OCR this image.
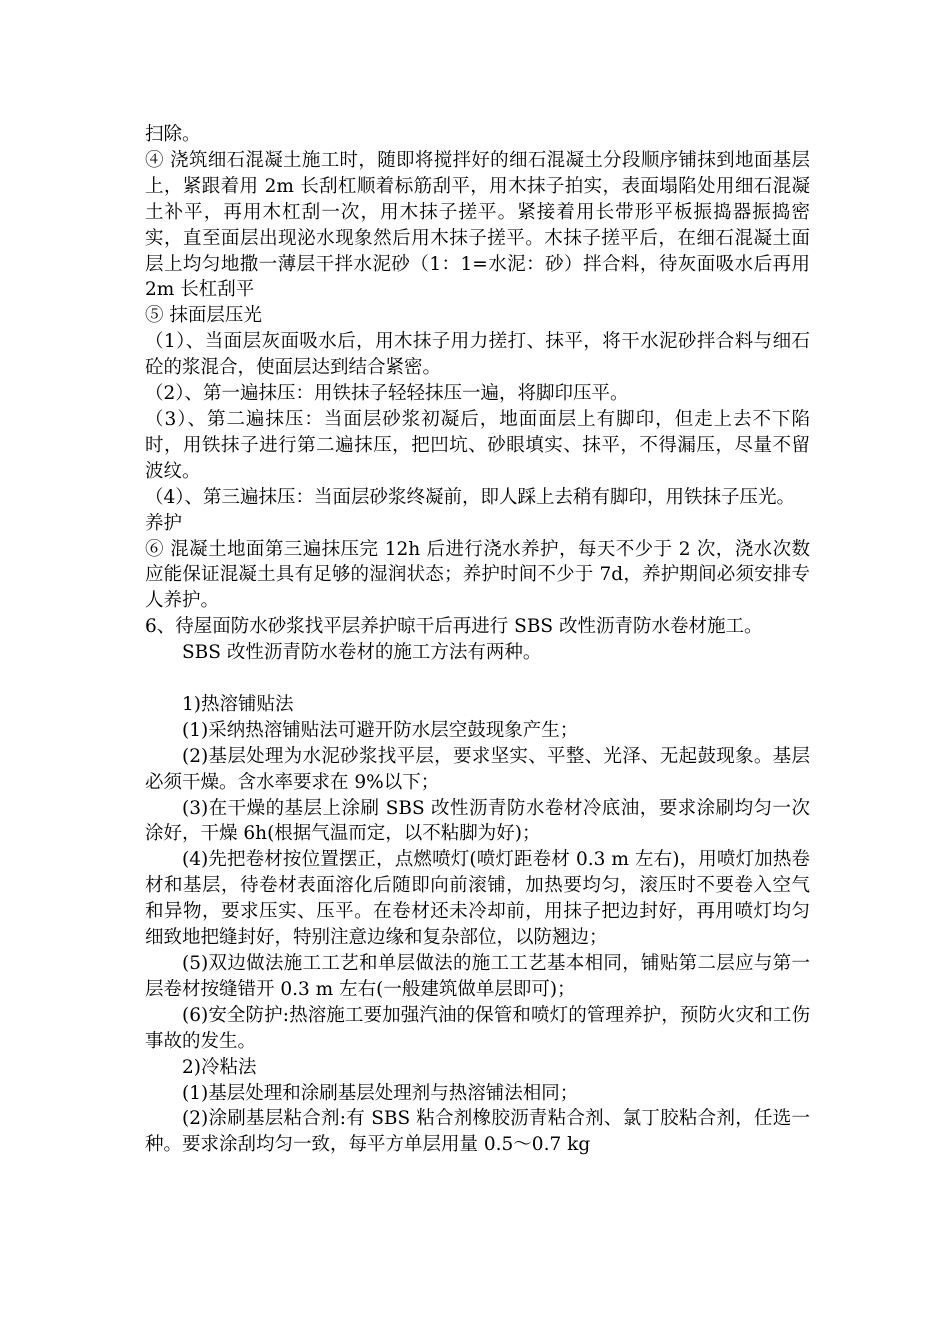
扫除。

④ 浇筑细石混凝土施工时，随即将搅拌好的细石混凝土分段顺序铺抹到地面基层上，紧跟着用 2m 长刮杠顺着标筋刮平，用木抹子拍实，表面塌陷处用细石混凝土补平，再用木杠刮一次，用木抹子搓平。紧接着用长带形平板振捣器振捣密实，直至面层出现泌水现象然后用木抹子搓平。木抹子搓平后，在细石混凝土面层上均匀地撒一薄层干拌水泥砂（1：1=水泥：砂）拌合料，待灰面吸水后再用 2m 长杠刮平

⑤ 抹面层压光

（1）、当面层灰面吸水后，用木抹子用力搓打、抹平，将干水泥砂拌合料与细石砼的浆混合，使面层达到结合紧密。

（2）、第一遍抹压：用铁抹子轻轻抹压一遍，将脚印压平。

（3）、第二遍抹压：当面层砂浆初凝后，地面面层上有脚印，但走上去不下陷时，用铁抹子进行第二遍抹压，把凹坑、砂眼填实、抹平，不得漏压，尽量不留波纹。

（4）、第三遍抹压：当面层砂浆终凝前，即人踩上去稍有脚印，用铁抹子压光。

养护

⑥ 混凝土地面第三遍抹压完 12h 后进行浇水养护，每天不少于 2 次，浇水次数应能保证混凝土具有足够的湿润状态；养护时间不少于 7d，养护期间必须安排专人养护。

6、待屋面防水砂浆找平层养护晾干后再进行 SBS 改性沥青防水卷材施工。

SBS 改性沥青防水卷材的施工方法有两种。

1)热溶铺贴法

(1)采纳热溶铺贴法可避开防水层空鼓现象产生；

(2)基层处理为水泥砂浆找平层，要求坚实、平整、光泽、无起鼓现象。基层必须干燥。含水率要求在 9%以下；

(3)在干燥的基层上涂刷 SBS 改性沥青防水卷材冷底油，要求涂刷均匀一次涂好，干燥 6h(根据气温而定，以不粘脚为好)；

(4)先把卷材按位置摆正，点燃喷灯(喷灯距卷材 0.3 m 左右)，用喷灯加热卷材和基层，待卷材表面溶化后随即向前滚铺，加热要均匀，滚压时不要卷入空气和异物，要求压实、压平。在卷材还未冷却前，用抹子把边封好，再用喷灯均匀细致地把缝封好，特别注意边缘和复杂部位，以防翘边；

(5)双边做法施工工艺和单层做法的施工工艺基本相同，铺贴第二层应与第一层卷材按缝错开 0.3 m 左右(一般建筑做单层即可)；

(6)安全防护:热溶施工要加强汽油的保管和喷灯的管理养护，预防火灾和工伤事故的发生。

2)冷粘法

(1)基层处理和涂刷基层处理剂与热溶铺法相同；

(2)涂刷基层粘合剂:有 SBS 粘合剂橡胶沥青粘合剂、氯丁胶粘合剂，任选一种。要求涂刮均匀一致，每平方单层用量 0.5～0.7 kg
